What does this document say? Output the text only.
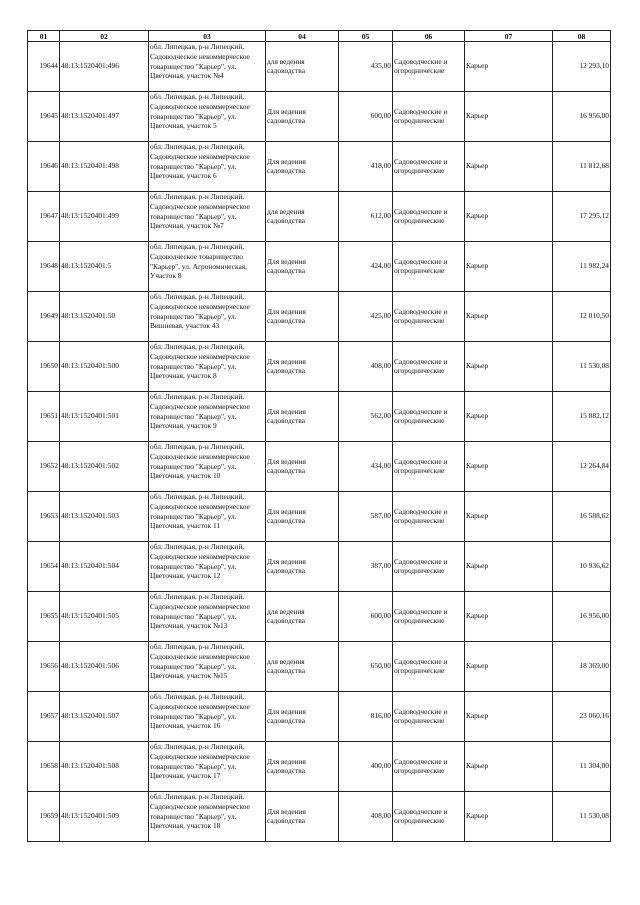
01	02	03	04	05	06	07	08
19644	48:13:1520401:496	обл. Липецкая, р-н Липецкий, Садоводческое некоммерческое товарищество "Карьер", ул. Цветочная, участок №4	для ведения садоводства	435,00	Садоводческие и огороднические	Карьер	12 293,10
19645	48:13:1520401:497	обл. Липецкая, р-н Липецкий, Садоводческое некоммерческое товарищество "Карьер", ул. Цветочная, участок 5	Для ведения садоводства	600,00	Садоводческие и огороднические	Карьер	16 956,00
19646	48:13:1520401:498	обл. Липецкая, р-н Липецкий, Садоводческое некоммерческое товарищество "Карьер", ул. Цветочная, участок 6	Для ведения садоводства	418,00	Садоводческие и огороднические	Карьер	11 812,68
19647	48:13:1520401:499	обл. Липецкая, р-н Липецкий, Садоводческое некоммерческое товарищество "Карьер", ул. Цветочная, участок №7	для ведения садоводства	612,00	Садоводческие и огороднические	Карьер	17 295,12
19648	48:13:1520401:5	обл. Липецкая, р-н Липецкий, Садоводческое товарищество "Карьер", ул. Агрономическая, Участок 8	Для ведения садоводства	424,00	Садоводческие и огороднические	Карьер	11 982,24
19649	48:13:1520401:50	обл. Липецкая, р-н Липецкий, Садоводческое некоммерческое товарищество "Карьер", ул. Вишневая, участок 43	Для ведения садоводства	425,00	Садоводческие и огороднические	Карьер	12 010,50
19650	48:13:1520401:500	обл. Липецкая, р-н Липецкий, Садоводческое некоммерческое товарищество "Карьер", ул. Цветочная, участок 8	Для ведения садоводства	408,00	Садоводческие и огороднические	Карьер	11 530,08
19651	48:13:1520401:501	обл. Липецкая, р-н Липецкий, Садоводческое некоммерческое товарищество "Карьер", ул. Цветочная, участок 9	Для ведения садоводства	562,00	Садоводческие и огороднические	Карьер	15 882,12
19652	48:13:1520401:502	обл. Липецкая, р-н Липецкий, Садоводческое некоммерческое товарищество "Карьер", ул. Цветочная, участок 10	Для ведения садоводства	434,00	Садоводческие и огороднические	Карьер	12 264,84
19653	48:13:1520401:503	обл. Липецкая, р-н Липецкий, Садоводческое некоммерческое товарищество "Карьер", ул. Цветочная, участок 11	Для ведения садоводства	587,00	Садоводческие и огороднические	Карьер	16 588,62
19654	48:13:1520401:504	обл. Липецкая, р-н Липецкий, Садоводческое некоммерческое товарищество "Карьер", ул. Цветочная, участок 12	Для ведения садоводства	387,00	Садоводческие и огороднические	Карьер	10 936,62
19655	48:13:1520401:505	обл. Липецкая, р-н Липецкий, Садоводческое некоммерческое товарищество "Карьер", ул. Цветочная, участок №13	для ведения садоводства	600,00	Садоводческие и огороднические	Карьер	16 956,00
19656	48:13:1520401:506	обл. Липецкая, р-н Липецкий, Садоводческое некоммерческое товарищество "Карьер", ул. Цветочная, участок №15	для ведения садоводства	650,00	Садоводческие и огороднические	Карьер	18 369,00
19657	48:13:1520401:507	обл. Липецкая, р-н Липецкий, Садоводческое некоммерческое товарищество "Карьер", ул. Цветочная, участок 16	Для ведения садоводства	816,00	Садоводческие и огороднические	Карьер	23 060,16
19658	48:13:1520401:508	обл. Липецкая, р-н Липецкий, Садоводческое некоммерческое товарищество "Карьер", ул. Цветочная, участок 17	Для ведения садоводства	400,00	Садоводческие и огороднические	Карьер	11 304,00
19659	48:13:1520401:509	обл. Липецкая, р-н Липецкий, Садоводческое некоммерческое товарищество "Карьер", ул. Цветочная, участок 18	Для ведения садоводства	408,00	Садоводческие и огороднические	Карьер	11 530,08
